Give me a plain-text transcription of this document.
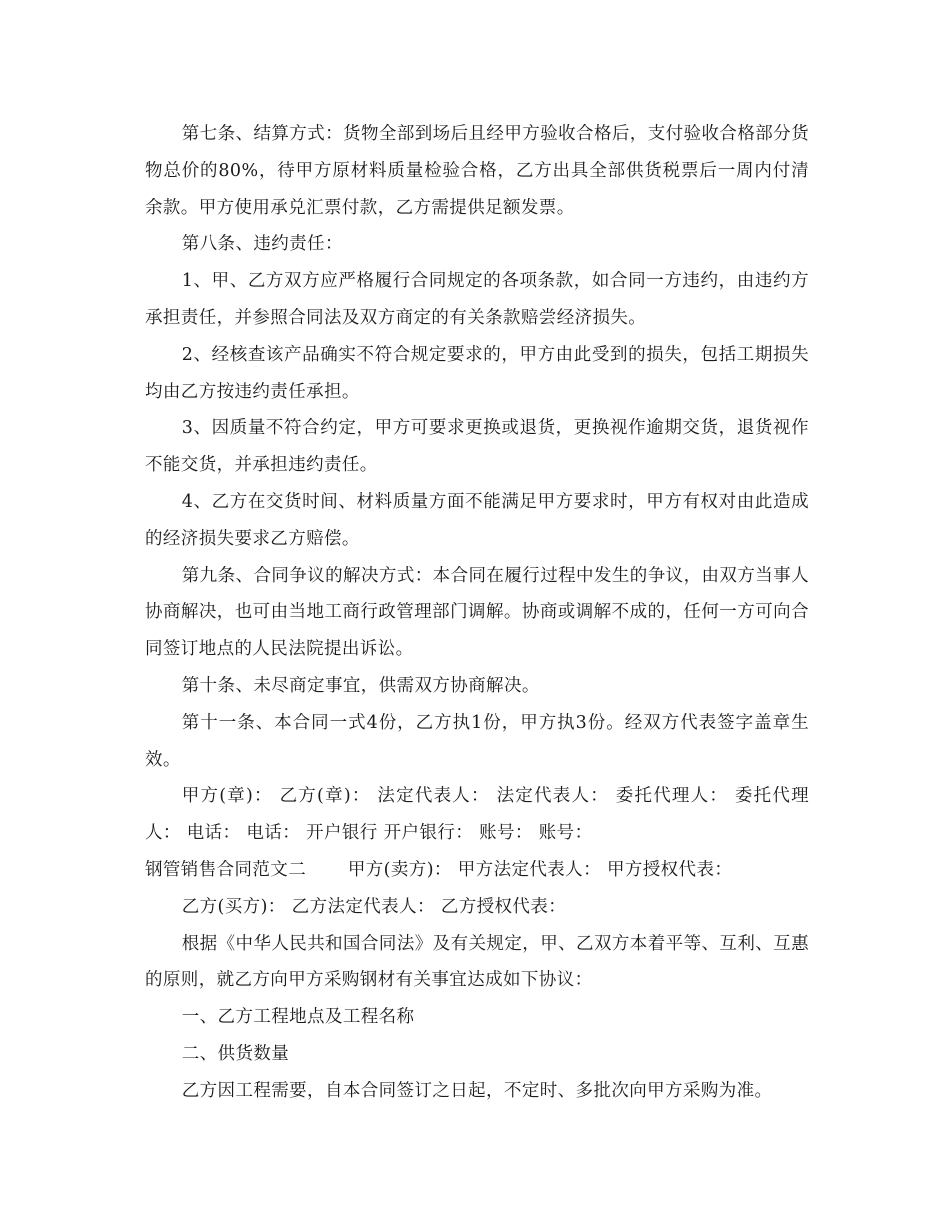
第七条、结算方式：货物全部到场后且经甲方验收合格后，支付验收合格部分货物总价的80%，待甲方原材料质量检验合格，乙方出具全部供货税票后一周内付清余款。甲方使用承兑汇票付款，乙方需提供足额发票。

第八条、违约责任：

1、甲、乙方双方应严格履行合同规定的各项条款，如合同一方违约，由违约方承担责任，并参照合同法及双方商定的有关条款赔尝经济损失。

2、经核查该产品确实不符合规定要求的，甲方由此受到的损失，包括工期损失均由乙方按违约责任承担。

3、因质量不符合约定，甲方可要求更换或退货，更换视作逾期交货，退货视作不能交货，并承担违约责任。

4、乙方在交货时间、材料质量方面不能满足甲方要求时，甲方有权对由此造成的经济损失要求乙方赔偿。

第九条、合同争议的解决方式：本合同在履行过程中发生的争议，由双方当事人协商解决，也可由当地工商行政管理部门调解。协商或调解不成的，任何一方可向合同签订地点的人民法院提出诉讼。

第十条、未尽商定事宜，供需双方协商解决。

第十一条、本合同一式4份，乙方执1份，甲方执3份。经双方代表签字盖章生效。

甲方(章)： 乙方(章)： 法定代表人： 法定代表人： 委托代理人： 委托代理人： 电话： 电话： 开户银行 开户银行： 账号： 账号：

钢管销售合同范文二 　　甲方(卖方)： 甲方法定代表人： 甲方授权代表：

乙方(买方)： 乙方法定代表人： 乙方授权代表：

根据《中华人民共和国合同法》及有关规定，甲、乙双方本着平等、互利、互惠的原则，就乙方向甲方采购钢材有关事宜达成如下协议：

一、乙方工程地点及工程名称

二、供货数量

乙方因工程需要，自本合同签订之日起，不定时、多批次向甲方采购为准。
